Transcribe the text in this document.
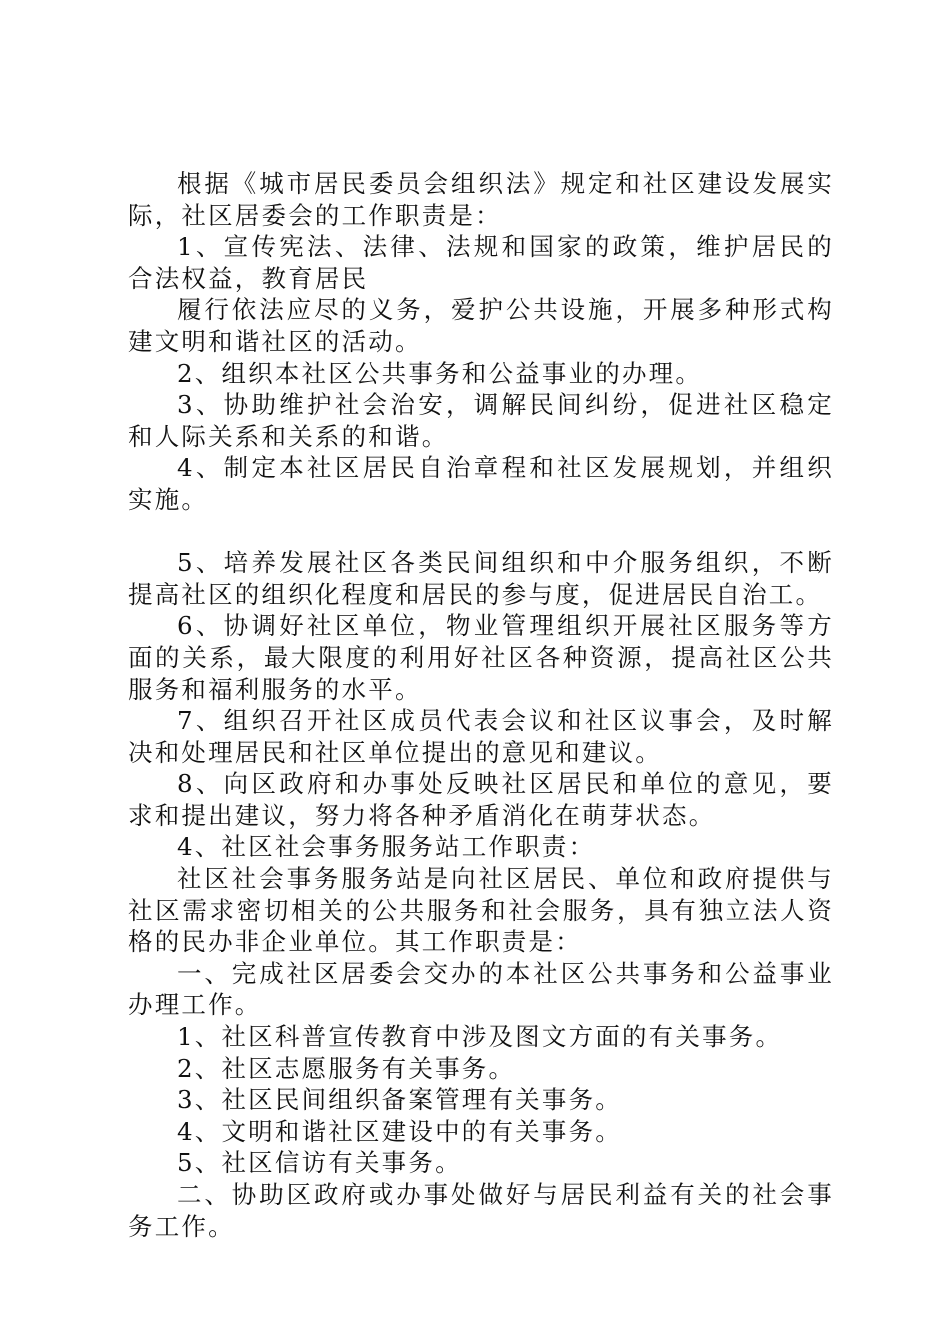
根据《城市居民委员会组织法》规定和社区建设发展实际，社区居委会的工作职责是：

1、宣传宪法、法律、法规和国家的政策，维护居民的合法权益，教育居民

履行依法应尽的义务，爱护公共设施，开展多种形式构建文明和谐社区的活动。

2、组织本社区公共事务和公益事业的办理。

3、协助维护社会治安，调解民间纠纷，促进社区稳定和人际关系和关系的和谐。

4、制定本社区居民自治章程和社区发展规划，并组织实施。

5、培养发展社区各类民间组织和中介服务组织，不断提高社区的组织化程度和居民的参与度，促进居民自治工。

6、协调好社区单位，物业管理组织开展社区服务等方面的关系，最大限度的利用好社区各种资源，提高社区公共服务和福利服务的水平。

7、组织召开社区成员代表会议和社区议事会，及时解决和处理居民和社区单位提出的意见和建议。

8、向区政府和办事处反映社区居民和单位的意见，要求和提出建议，努力将各种矛盾消化在萌芽状态。

4、社区社会事务服务站工作职责：

社区社会事务服务站是向社区居民、单位和政府提供与社区需求密切相关的公共服务和社会服务，具有独立法人资格的民办非企业单位。其工作职责是：

一、完成社区居委会交办的本社区公共事务和公益事业办理工作。

1、社区科普宣传教育中涉及图文方面的有关事务。

2、社区志愿服务有关事务。

3、社区民间组织备案管理有关事务。

4、文明和谐社区建设中的有关事务。

5、社区信访有关事务。

二、协助区政府或办事处做好与居民利益有关的社会事务工作。
